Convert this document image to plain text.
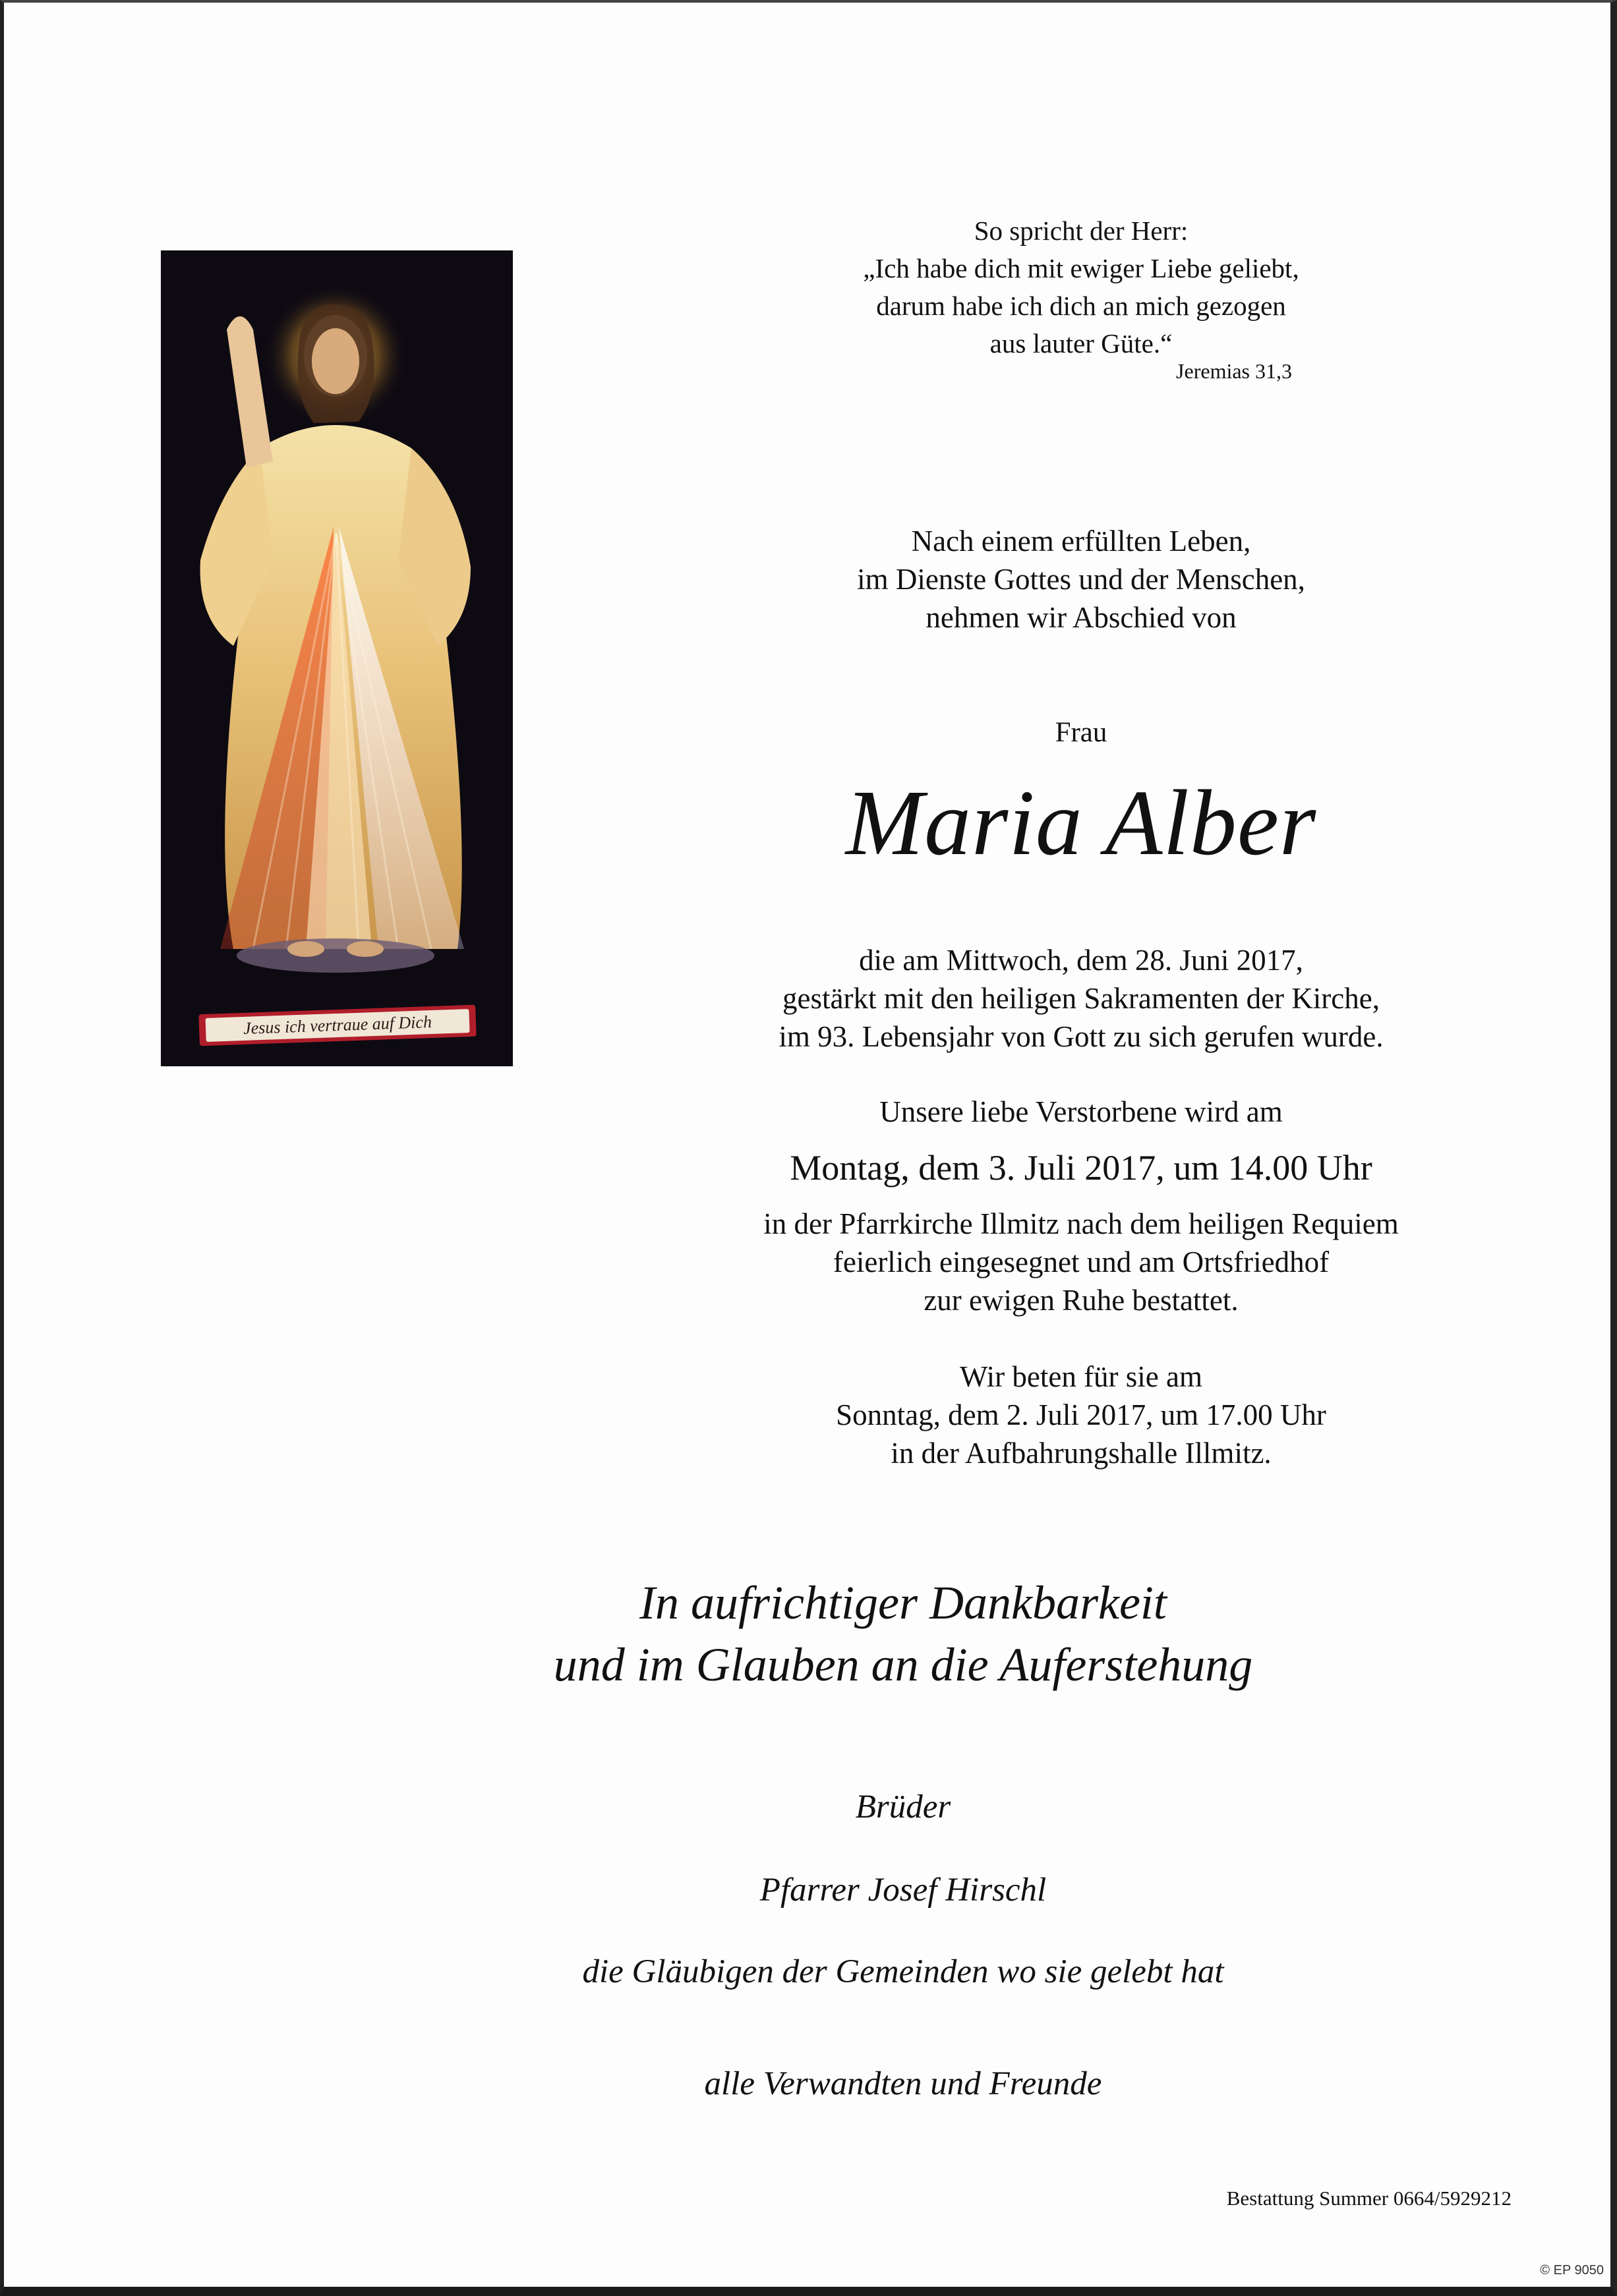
Jesus ich vertraue auf Dich
So spricht der Herr:
„Ich habe dich mit ewiger Liebe geliebt,
darum habe ich dich an mich gezogen
aus lauter Güte.“
Jeremias 31,3
Nach einem erfüllten Leben,
im Dienste Gottes und der Menschen,
nehmen wir Abschied von
Frau
Maria Alber
die am Mittwoch, dem 28. Juni 2017,
gestärkt mit den heiligen Sakramenten der Kirche,
im 93. Lebensjahr von Gott zu sich gerufen wurde.
Unsere liebe Verstorbene wird am
Montag, dem 3. Juli 2017, um 14.00 Uhr
in der Pfarrkirche Illmitz nach dem heiligen Requiem
feierlich eingesegnet und am Ortsfriedhof
zur ewigen Ruhe bestattet.
Wir beten für sie am
Sonntag, dem 2. Juli 2017, um 17.00 Uhr
in der Aufbahrungshalle Illmitz.
In aufrichtiger Dankbarkeit
und im Glauben an die Auferstehung
Brüder
Pfarrer Josef Hirschl
die Gläubigen der Gemeinden wo sie gelebt hat
alle Verwandten und Freunde
Bestattung Summer 0664/5929212
© EP 9050
